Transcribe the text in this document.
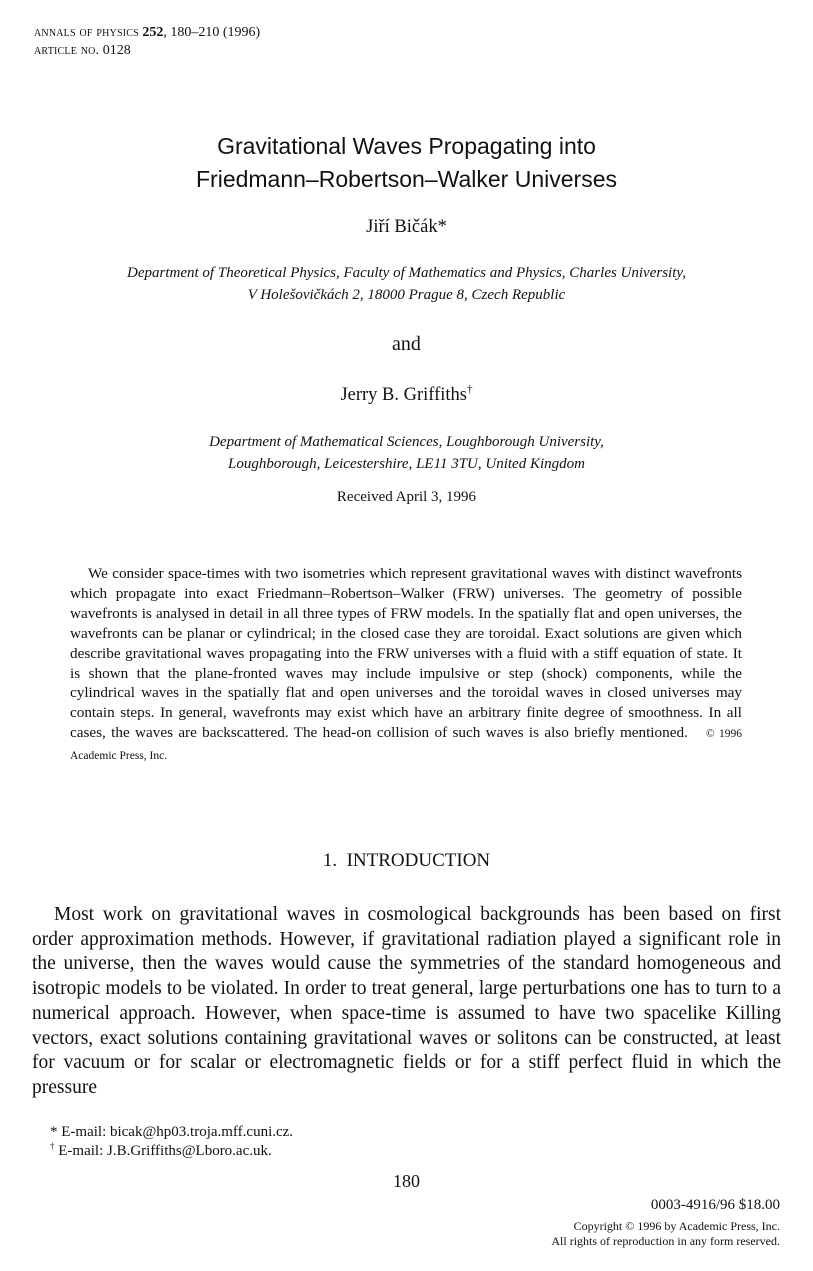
annals of physics 252, 180–210 (1996)
article no. 0128
Gravitational Waves Propagating into
Friedmann–Robertson–Walker Universes
Jiří Bičák*
Department of Theoretical Physics, Faculty of Mathematics and Physics, Charles University,
V Holešovičkách 2, 18000 Prague 8, Czech Republic
and
Jerry B. Griffiths†
Department of Mathematical Sciences, Loughborough University,
Loughborough, Leicestershire, LE11 3TU, United Kingdom
Received April 3, 1996
We consider space-times with two isometries which represent gravitational waves with distinct wavefronts which propagate into exact Friedmann–Robertson–Walker (FRW) universes. The geometry of possible wavefronts is analysed in detail in all three types of FRW models. In the spatially flat and open universes, the wavefronts can be planar or cylindrical; in the closed case they are toroidal. Exact solutions are given which describe gravitational waves propagating into the FRW universes with a fluid with a stiff equation of state. It is shown that the plane-fronted waves may include impulsive or step (shock) components, while the cylindrical waves in the spatially flat and open universes and the toroidal waves in closed universes may contain steps. In general, wavefronts may exist which have an arbitrary finite degree of smoothness. In all cases, the waves are backscattered. The head-on collision of such waves is also briefly mentioned. © 1996 Academic Press, Inc.
1.  INTRODUCTION
Most work on gravitational waves in cosmological backgrounds has been based on first order approximation methods. However, if gravitational radiation played a significant role in the universe, then the waves would cause the symmetries of the standard homogeneous and isotropic models to be violated. In order to treat general, large perturbations one has to turn to a numerical approach. However, when space-time is assumed to have two spacelike Killing vectors, exact solutions containing gravitational waves or solitons can be constructed, at least for vacuum or for scalar or electromagnetic fields or for a stiff perfect fluid in which the pressure
* E-mail: bicak@hp03.troja.mff.cuni.cz.
† E-mail: J.B.Griffiths@Lboro.ac.uk.
180
0003-4916/96 $18.00
Copyright © 1996 by Academic Press, Inc.
All rights of reproduction in any form reserved.
